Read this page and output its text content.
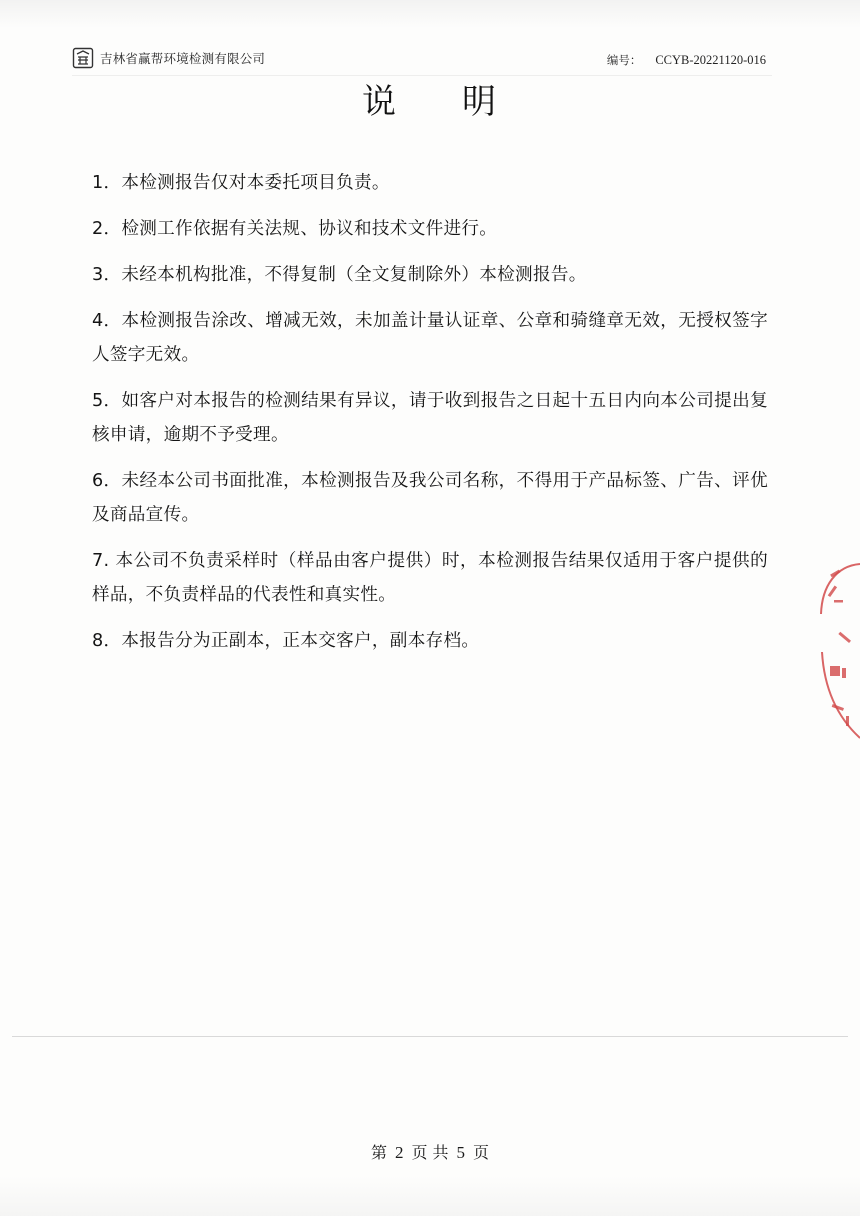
吉林省赢帮环境检测有限公司	编号： CCYB-20221120-016
说 明
1．本检测报告仅对本委托项目负责。
2．检测工作依据有关法规、协议和技术文件进行。
3．未经本机构批准，不得复制（全文复制除外）本检测报告。
4．本检测报告涂改、增减无效，未加盖计量认证章、公章和骑缝章无效，无授权签字人签字无效。
5．如客户对本报告的检测结果有异议，请于收到报告之日起十五日内向本公司提出复核申请，逾期不予受理。
6．未经本公司书面批准，本检测报告及我公司名称，不得用于产品标签、广告、评优及商品宣传。
7. 本公司不负责采样时（样品由客户提供）时，本检测报告结果仅适用于客户提供的样品，不负责样品的代表性和真实性。
8．本报告分为正副本，正本交客户，副本存档。
第 2 页 共 5 页
